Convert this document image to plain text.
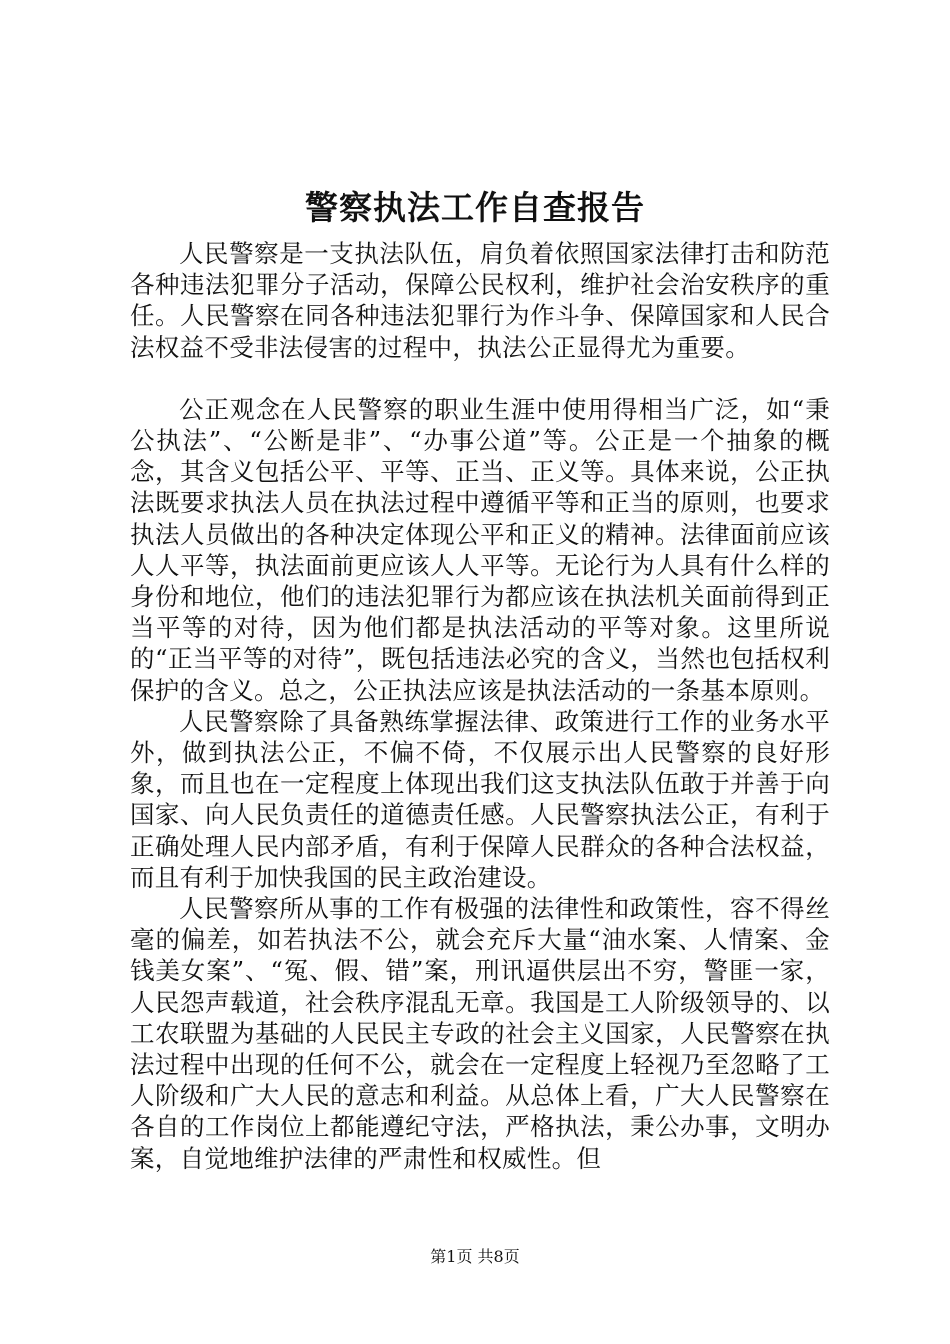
警察执法工作自查报告

人民警察是一支执法队伍，肩负着依照国家法律打击和防范各种违法犯罪分子活动，保障公民权利，维护社会治安秩序的重任。人民警察在同各种违法犯罪行为作斗争、保障国家和人民合法权益不受非法侵害的过程中，执法公正显得尤为重要。

公正观念在人民警察的职业生涯中使用得相当广泛，如“秉公执法”、“公断是非”、“办事公道”等。公正是一个抽象的概念，其含义包括公平、平等、正当、正义等。具体来说，公正执法既要求执法人员在执法过程中遵循平等和正当的原则，也要求执法人员做出的各种决定体现公平和正义的精神。法律面前应该人人平等，执法面前更应该人人平等。无论行为人具有什么样的身份和地位，他们的违法犯罪行为都应该在执法机关面前得到正当平等的对待，因为他们都是执法活动的平等对象。这里所说的“正当平等的对待”，既包括违法必究的含义，当然也包括权利保护的含义。总之，公正执法应该是执法活动的一条基本原则。

人民警察除了具备熟练掌握法律、政策进行工作的业务水平外，做到执法公正，不偏不倚，不仅展示出人民警察的良好形象，而且也在一定程度上体现出我们这支执法队伍敢于并善于向国家、向人民负责任的道德责任感。人民警察执法公正，有利于正确处理人民内部矛盾，有利于保障人民群众的各种合法权益，而且有利于加快我国的民主政治建设。

人民警察所从事的工作有极强的法律性和政策性，容不得丝毫的偏差，如若执法不公，就会充斥大量“油水案、人情案、金钱美女案”、“冤、假、错”案，刑讯逼供层出不穷，警匪一家，人民怨声载道，社会秩序混乱无章。我国是工人阶级领导的、以工农联盟为基础的人民民主专政的社会主义国家，人民警察在执法过程中出现的任何不公，就会在一定程度上轻视乃至忽略了工人阶级和广大人民的意志和利益。从总体上看，广大人民警察在各自的工作岗位上都能遵纪守法，严格执法，秉公办事，文明办案，自觉地维护法律的严肃性和权威性。但

第1页 共8页
